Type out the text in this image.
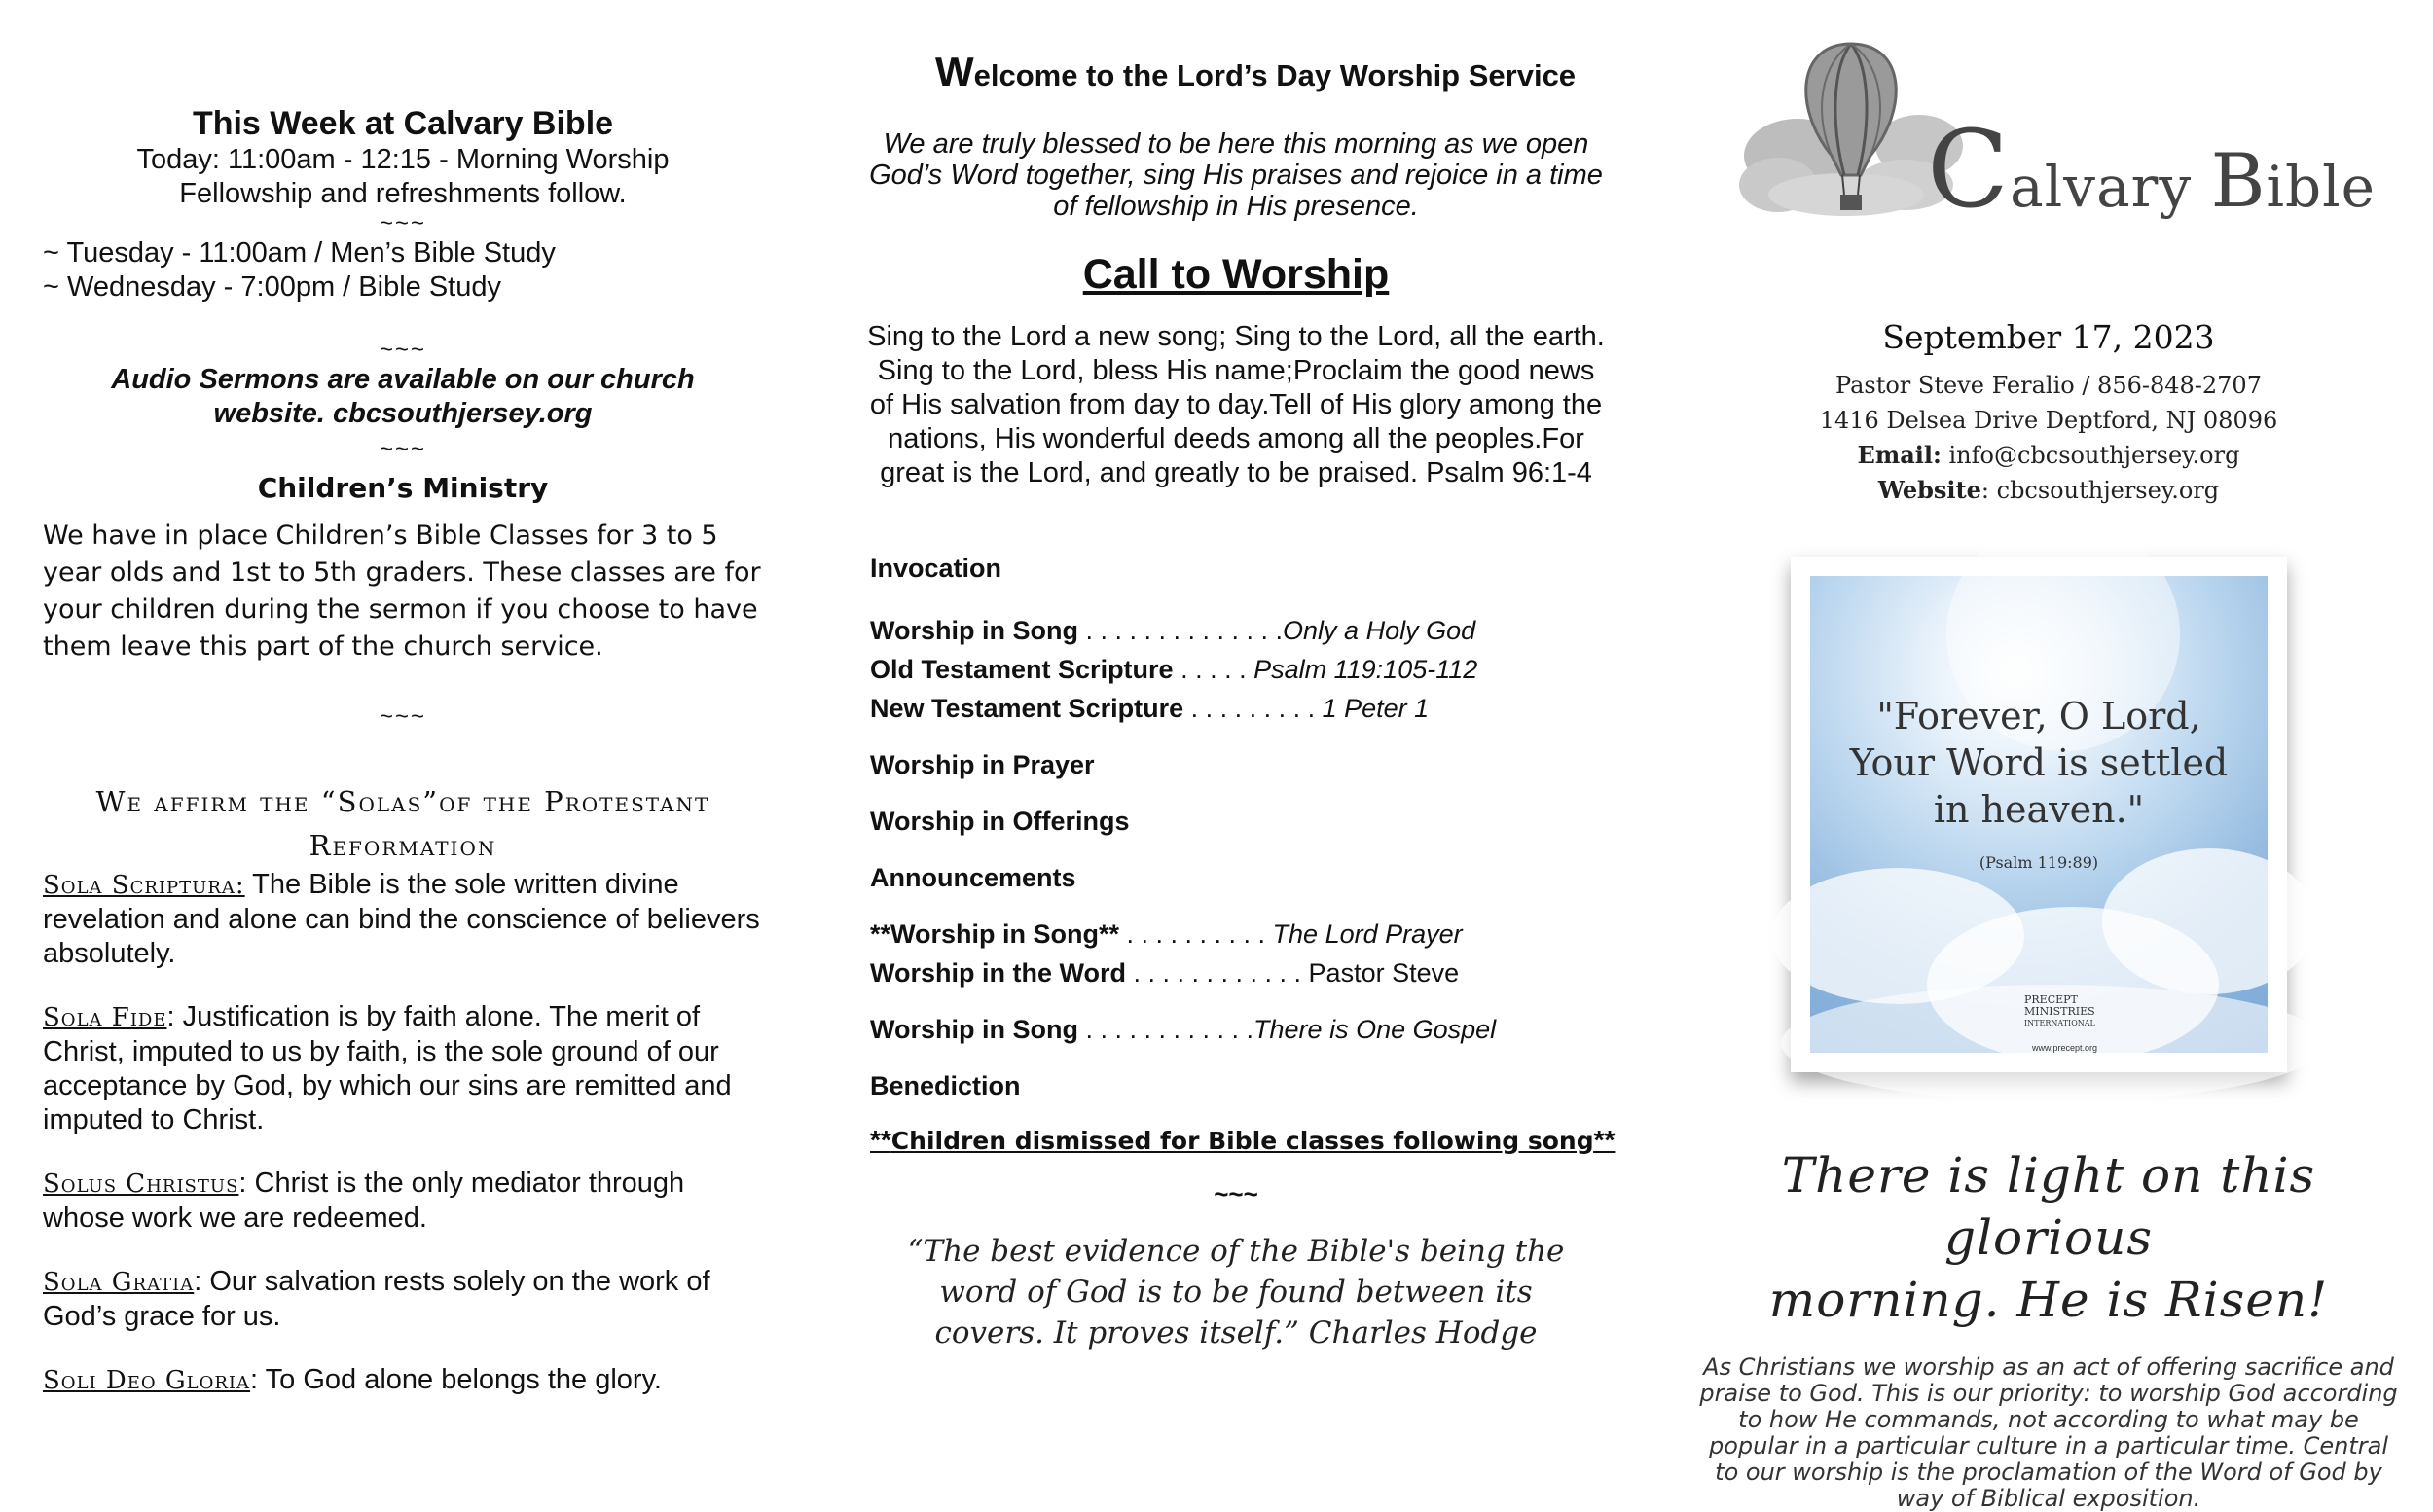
This Week at Calvary Bible
Today: 11:00am - 12:15 - Morning Worship
Fellowship and refreshments follow.
~~~
~ Tuesday - 11:00am / Men’s Bible Study
~ Wednesday - 7:00pm / Bible Study
~~~
Audio Sermons are available on our church
website. cbcsouthjersey.org
~~~
Children’s Ministry

We have in place Children’s Bible Classes for 3 to 5 year olds and 1st to 5th graders. These classes are for your children during the sermon if you choose to have them leave this part of the church service.

~~~
We affirm the “Solas”of the Protestant Reformation

Sola Scriptura: The Bible is the sole written divine revelation and alone can bind the conscience of believers absolutely.

Sola Fide: Justification is by faith alone. The merit of Christ, imputed to us by faith, is the sole ground of our acceptance by God, by which our sins are remitted and imputed to Christ.

Solus Christus: Christ is the only mediator through whose work we are redeemed.

Sola Gratia: Our salvation rests solely on the work of God’s grace for us.

Soli Deo Gloria: To God alone belongs the glory.

Welcome to the Lord’s Day Worship Service

We are truly blessed to be here this morning as we open God’s Word together, sing His praises and rejoice in a time of fellowship in His presence.

Call to Worship

Sing to the Lord a new song; Sing to the Lord, all the earth. Sing to the Lord, bless His name;Proclaim the good news of His salvation from day to day.Tell of His glory among the nations, His wonderful deeds among all the peoples.For great is the Lord, and greatly to be praised. Psalm 96:1-4

Invocation
Worship in Song . . . . . . . . . . . . . .Only a Holy God
Old Testament Scripture . . . . . Psalm 119:105-112
New Testament Scripture . . . . . . . . . 1 Peter 1
Worship in Prayer
Worship in Offerings
Announcements
**Worship in Song** . . . . . . . . . . The Lord Prayer
Worship in the Word . . . . . . . . . . . . Pastor Steve
Worship in Song . . . . . . . . . . . .There is One Gospel
Benediction
**Children dismissed for Bible classes following song**
~~~

“The best evidence of the Bible's being the word of God is to be found between its covers. It proves itself.” Charles Hodge

Calvary Bible
September 17, 2023
Pastor Steve Feralio / 856-848-2707
1416 Delsea Drive Deptford, NJ 08096
Email: info@cbcsouthjersey.org
Website: cbcsouthjersey.org
"Forever, O Lord,
Your Word is settled
in heaven."
(Psalm 119:89)
PRECEPT
MINISTRIES
INTERNATIONAL
www.precept.org
There is light on this glorious
morning. He is Risen!

As Christians we worship as an act of offering sacrifice and praise to God. This is our priority: to worship God according to how He commands, not according to what may be popular in a particular culture in a particular time. Central to our worship is the proclamation of the Word of God by way of Biblical exposition.
